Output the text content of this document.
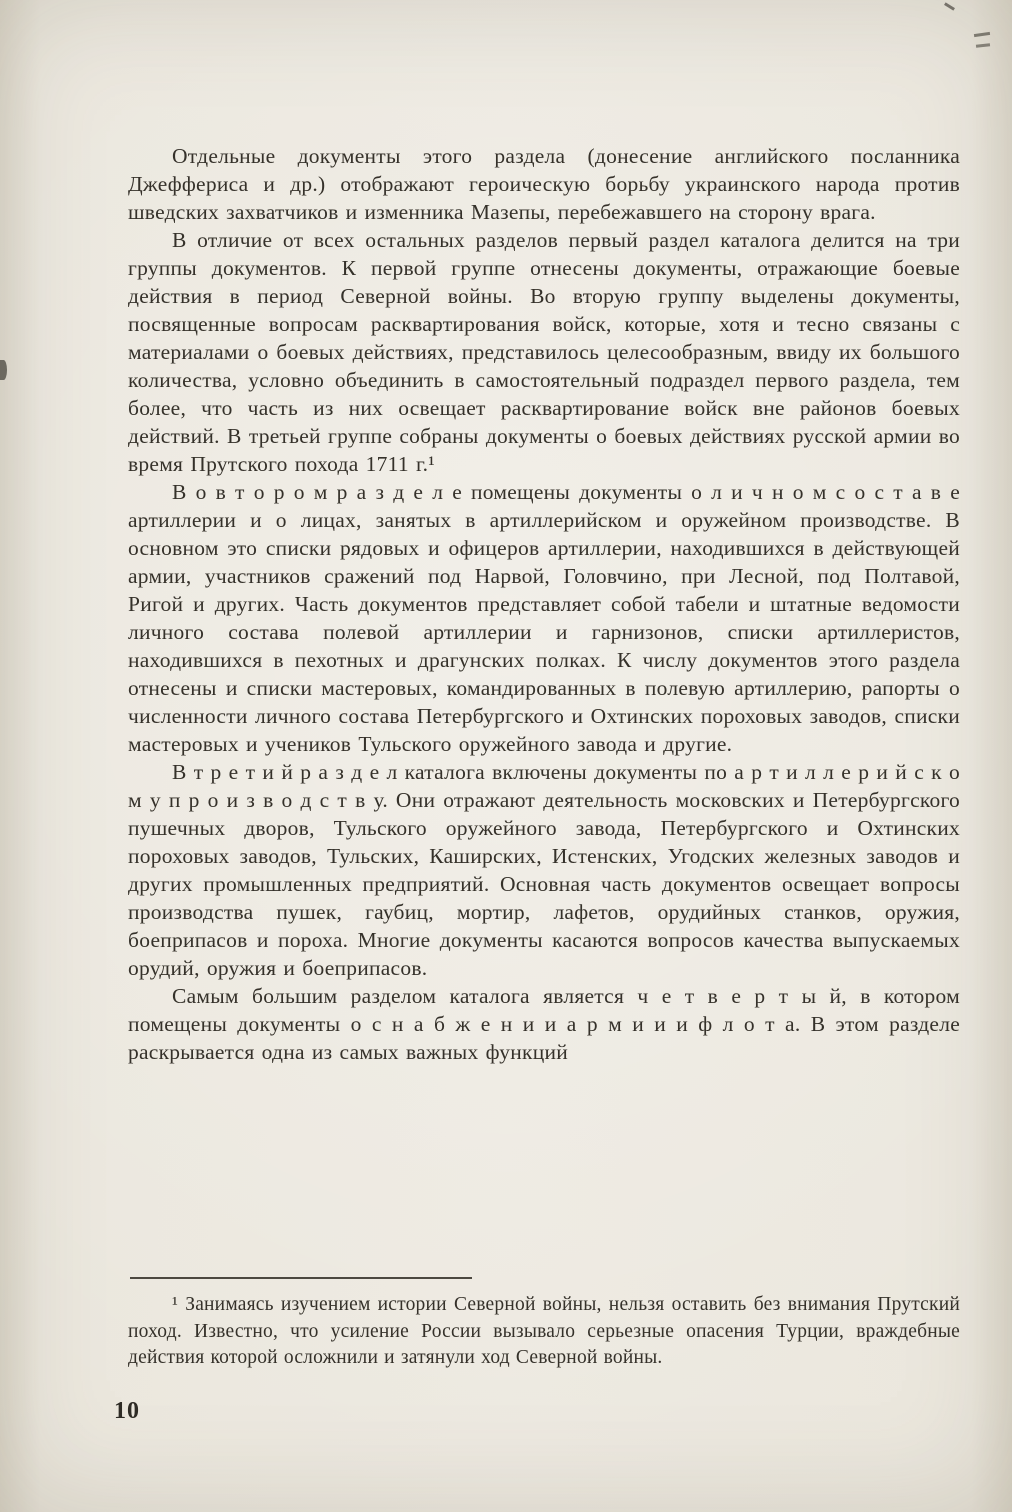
Отдельные документы этого раздела (донесение английского посланника Джеффериса и др.) отображают героическую борьбу украинского народа против шведских захватчиков и изменника Мазепы, перебежавшего на сторону врага.

В отличие от всех остальных разделов первый раздел каталога делится на три группы документов. К первой группе отнесены документы, отражающие боевые действия в период Северной войны. Во вторую группу выделены документы, посвященные вопросам расквартирования войск, которые, хотя и тесно связаны с материалами о боевых действиях, представилось целесообразным, ввиду их большого количества, условно объединить в самостоятельный подраздел первого раздела, тем более, что часть из них освещает расквартирование войск вне районов боевых действий. В третьей группе собраны документы о боевых действиях русской армии во время Прутского похода 1711 г.¹

В о в т о р о м р а з д е л е помещены документы о л и ч н о м с о с т а в е артиллерии и о лицах, занятых в артиллерийском и оружейном производстве. В основном это списки рядовых и офицеров артиллерии, находившихся в действующей армии, участников сражений под Нарвой, Головчино, при Лесной, под Полтавой, Ригой и других. Часть документов представляет собой табели и штатные ведомости личного состава полевой артиллерии и гарнизонов, списки артиллеристов, находившихся в пехотных и драгунских полках. К числу документов этого раздела отнесены и списки мастеровых, командированных в полевую артиллерию, рапорты о численности личного состава Петербургского и Охтинских пороховых заводов, списки мастеровых и учеников Тульского оружейного завода и другие.

В т р е т и й р а з д е л каталога включены документы по а р т и л л е р и й с к о м у п р о и з в о д с т в у. Они отражают деятельность московских и Петербургского пушечных дворов, Тульского оружейного завода, Петербургского и Охтинских пороховых заводов, Тульских, Каширских, Истенских, Угодских железных заводов и других промышленных предприятий. Основная часть документов освещает вопросы производства пушек, гаубиц, мортир, лафетов, орудийных станков, оружия, боеприпасов и пороха. Многие документы касаются вопросов качества выпускаемых орудий, оружия и боеприпасов.

Самым большим разделом каталога является ч е т в е р т ы й, в котором помещены документы о с н а б ж е н и и а р м и и и ф л о т а. В этом разделе раскрывается одна из самых важных функций

¹ Занимаясь изучением истории Северной войны, нельзя оставить без внимания Прутский поход. Известно, что усиление России вызывало серьезные опасения Турции, враждебные действия которой осложнили и затянули ход Северной войны.

10
